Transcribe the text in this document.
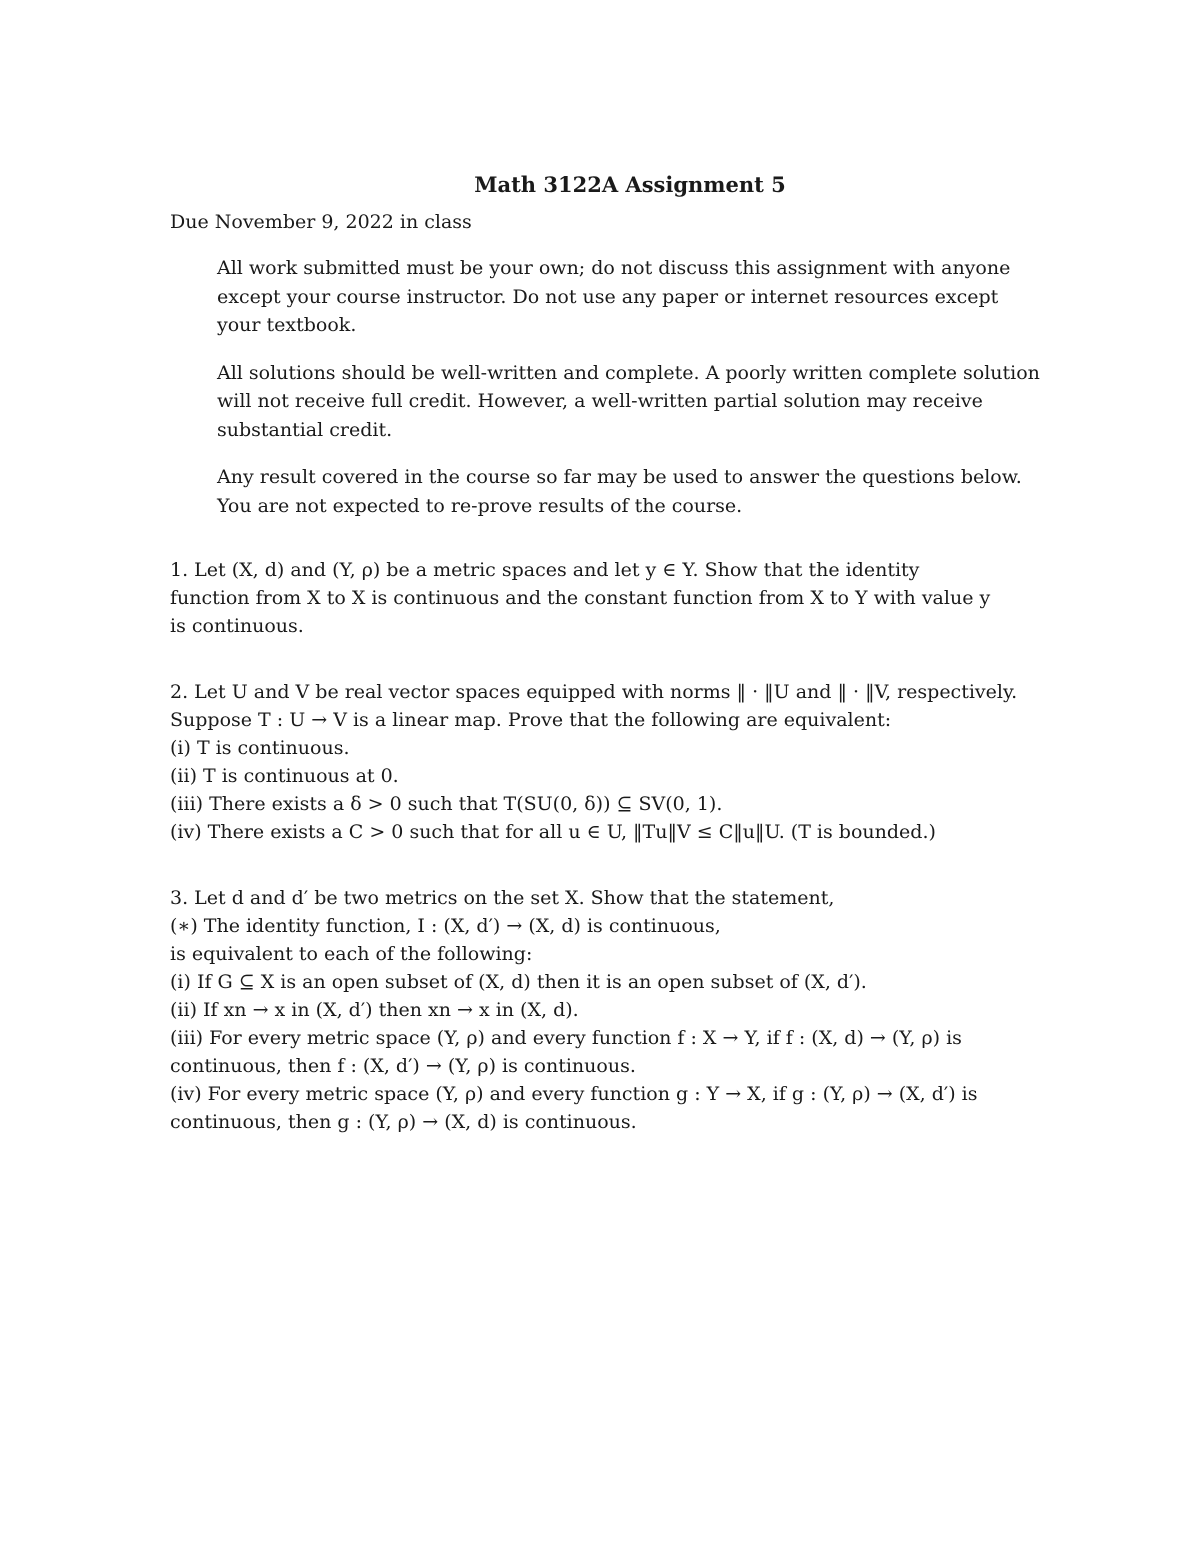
Math 3122A Assignment 5
Due November 9, 2022 in class

All work submitted must be your own; do not discuss this assignment with anyone except your course instructor. Do not use any paper or internet resources except your textbook.

All solutions should be well-written and complete. A poorly written complete solution will not receive full credit. However, a well-written partial solution may receive substantial credit.

Any result covered in the course so far may be used to answer the questions below. You are not expected to re-prove results of the course.

1. Let (X, d) and (Y, ρ) be a metric spaces and let y ∈ Y. Show that the identity
function from X to X is continuous and the constant function from X to Y with value y
is continuous.
2. Let U and V be real vector spaces equipped with norms ‖ · ‖U and ‖ · ‖V, respectively.
Suppose T : U → V is a linear map. Prove that the following are equivalent:
(i) T is continuous.
(ii) T is continuous at 0.
(iii) There exists a δ > 0 such that T(SU(0, δ)) ⊆ SV(0, 1).
(iv) There exists a C > 0 such that for all u ∈ U, ‖Tu‖V ≤ C‖u‖U. (T is bounded.)
3. Let d and d′ be two metrics on the set X. Show that the statement,
(∗) The identity function, I : (X, d′) → (X, d) is continuous,
is equivalent to each of the following:
(i) If G ⊆ X is an open subset of (X, d) then it is an open subset of (X, d′).
(ii) If xn → x in (X, d′) then xn → x in (X, d).
(iii) For every metric space (Y, ρ) and every function f : X → Y, if f : (X, d) → (Y, ρ) is
continuous, then f : (X, d′) → (Y, ρ) is continuous.
(iv) For every metric space (Y, ρ) and every function g : Y → X, if g : (Y, ρ) → (X, d′) is
continuous, then g : (Y, ρ) → (X, d) is continuous.
